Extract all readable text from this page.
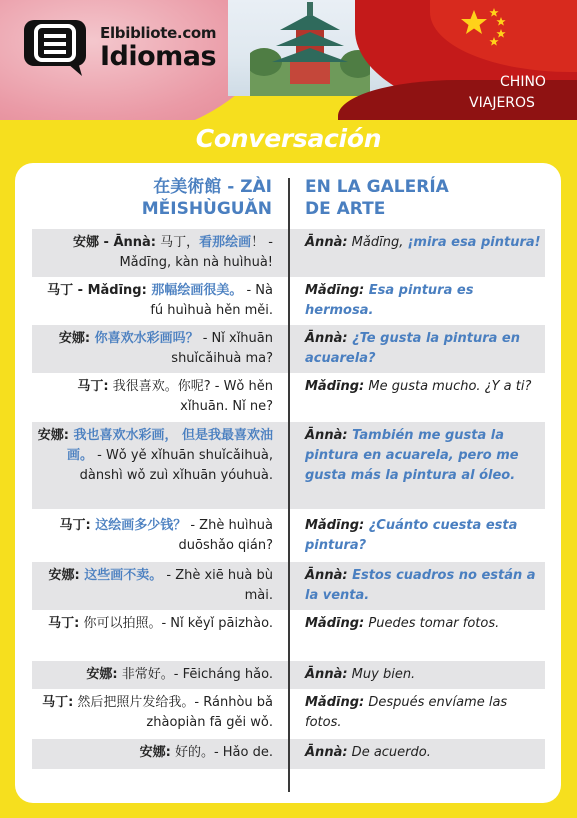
Elbibliote.com
Idiomas
CHINO
VIAJEROS
Conversación
在美術館 - ZÀI
MĚISHÙGUǍN
EN LA GALERÍA
DE ARTE
安娜 - Ānnà: 马丁，看那绘画！ - Mǎdīng, kàn nà huìhuà!
Ānnà: Mǎdīng, ¡mira esa pintura!
马丁 - Mǎdīng: 那幅绘画很美。 - Nà fú huìhuà hěn měi.
Mǎdīng: Esa pintura es hermosa.
安娜: 你喜欢水彩画吗？ - Nǐ xǐhuān shuǐcǎihuà ma?
Ānnà: ¿Te gusta la pintura en acuarela?
马丁: 我很喜欢。你呢? - Wǒ hěn xǐhuān. Nǐ ne?
Mǎdīng: Me gusta mucho. ¿Y a ti?
安娜: 我也喜欢水彩画， 但是我最喜欢油画。 - Wǒ yě xǐhuān shuǐcǎihuà, dànshì wǒ zuì xǐhuān yóuhuà.
Ānnà: También me gusta la pintura en acuarela, pero me gusta más la pintura al óleo.
马丁: 这绘画多少钱？ - Zhè huìhuà duōshǎo qián?
Mǎdīng: ¿Cuánto cuesta esta pintura?
安娜: 这些画不卖。 - Zhè xiē huà bù mài.
Ānnà: Estos cuadros no están a la venta.
马丁: 你可以拍照。- Nǐ kěyǐ pāizhào. Mǎdīng: Puedes tomar fotos.
安娜: 非常好。- Fēicháng hǎo. Ānnà: Muy bien.
马丁: 然后把照片发给我。- Ránhòu bǎ zhàopiàn fā gěi wǒ.
Mǎdīng: Después envíame las fotos.
安娜: 好的。- Hǎo de. Ānnà: De acuerdo.
